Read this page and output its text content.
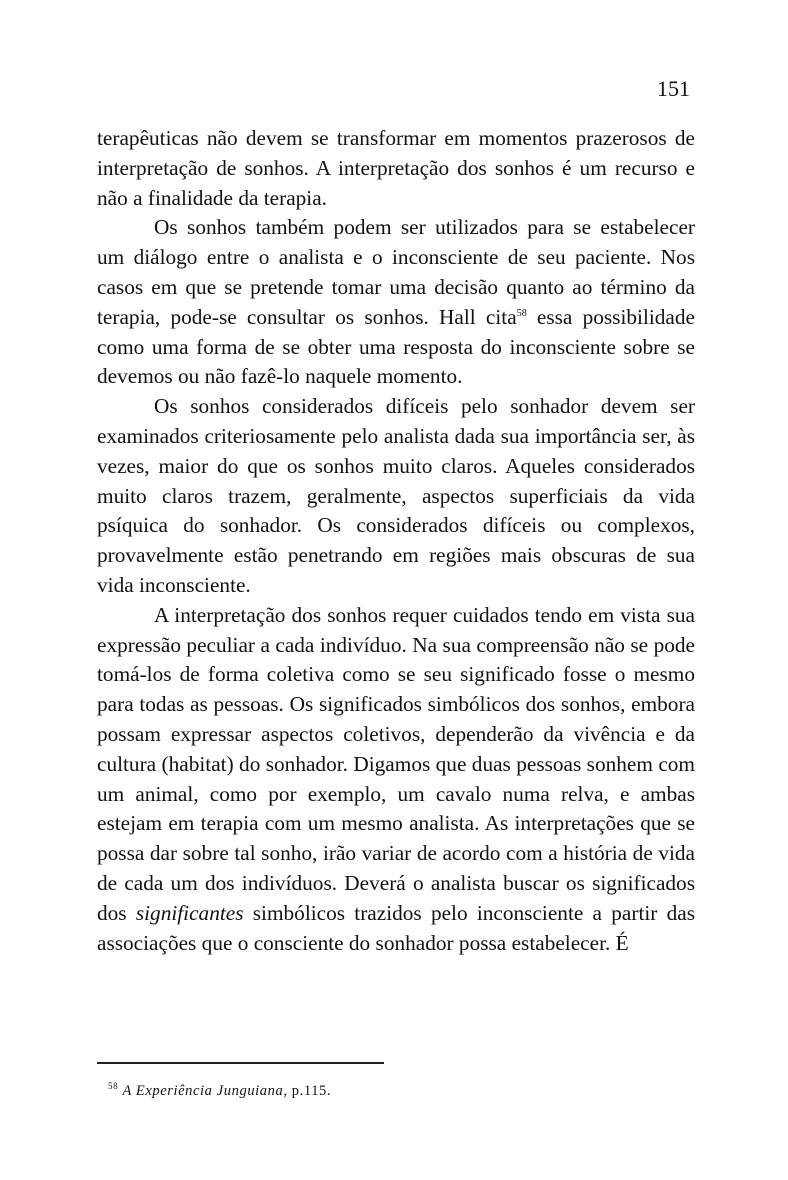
151

terapêuticas não devem se transformar em momentos prazerosos de interpretação de sonhos. A interpretação dos sonhos é um recurso e não a finalidade da terapia.

Os sonhos também podem ser utilizados para se estabelecer um diálogo entre o analista e o inconsciente de seu paciente. Nos casos em que se pretende tomar uma decisão quanto ao término da terapia, pode-se consultar os sonhos. Hall cita$^{58}$ essa possibilidade como uma forma de se obter uma resposta do inconsciente sobre se devemos ou não fazê-lo naquele momento.

Os sonhos considerados difíceis pelo sonhador devem ser examinados criteriosamente pelo analista dada sua importância ser, às vezes, maior do que os sonhos muito claros. Aqueles considerados muito claros trazem, geralmente, aspectos superficiais da vida psíquica do sonhador. Os considerados difíceis ou complexos, provavelmente estão penetrando em regiões mais obscuras de sua vida inconsciente.

A interpretação dos sonhos requer cuidados tendo em vista sua expressão peculiar a cada indivíduo. Na sua compreensão não se pode tomá-los de forma coletiva como se seu significado fosse o mesmo para todas as pessoas. Os significados simbólicos dos sonhos, embora possam expressar aspectos coletivos, dependerão da vivência e da cultura (habitat) do sonhador. Digamos que duas pessoas sonhem com um animal, como por exemplo, um cavalo numa relva, e ambas estejam em terapia com um mesmo analista. As interpretações que se possa dar sobre tal sonho, irão variar de acordo com a história de vida de cada um dos indivíduos. Deverá o analista buscar os significados dos significantes simbólicos trazidos pelo inconsciente a partir das associações que o consciente do sonhador possa estabelecer. É

$^{58}$ A Experiência Junguiana, p.115.
